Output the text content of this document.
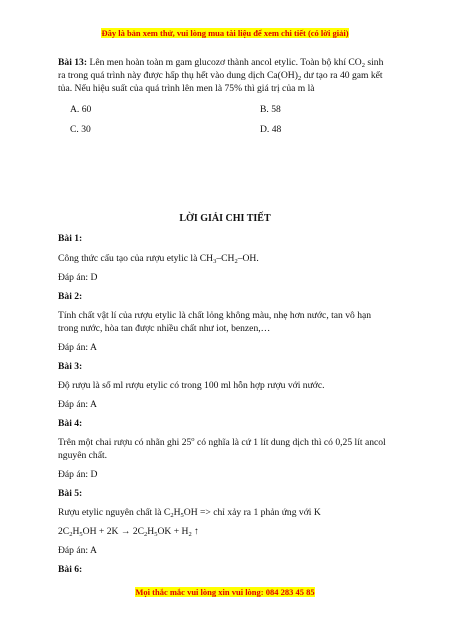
Đây là bản xem thử, vui lòng mua tài liệu để xem chi tiết (có lời giải)
Bài 13: Lên men hoàn toàn m gam glucozơ thành ancol etylic. Toàn bộ khí $CO_2$ sinh ra trong quá trình này được hấp thụ hết vào dung dịch $Ca(OH)_2$ dư tạo ra 40 gam kết tủa. Nếu hiệu suất của quá trình lên men là 75% thì giá trị của m là
A. 60	B. 58
C. 30	D. 48
LỜI GIẢI CHI TIẾT
Bài 1:
Công thức cấu tạo của rượu etylic là $CH_3-CH_2-OH$.
Đáp án: D
Bài 2:
Tính chất vật lí của rượu etylic là chất lỏng không màu, nhẹ hơn nước, tan vô hạn trong nước, hòa tan được nhiều chất như iot, benzen,…
Đáp án: A
Bài 3:
Độ rượu là số ml rượu etylic có trong 100 ml hỗn hợp rượu với nước.
Đáp án: A
Bài 4:
Trên một chai rượu có nhãn ghi 25$^o$ có nghĩa là cứ 1 lít dung dịch thì có 0,25 lít ancol nguyên chất.
Đáp án: D
Bài 5:
Rượu etylic nguyên chất là $C_2H_5OH$ => chỉ xảy ra 1 phản ứng với K
$2C_2H_5OH + 2K \to 2C_2H_5OK + H_2$ ↑
Đáp án: A
Bài 6:
Mọi thắc mắc vui lòng xin vui lòng: 084 283 45 85
